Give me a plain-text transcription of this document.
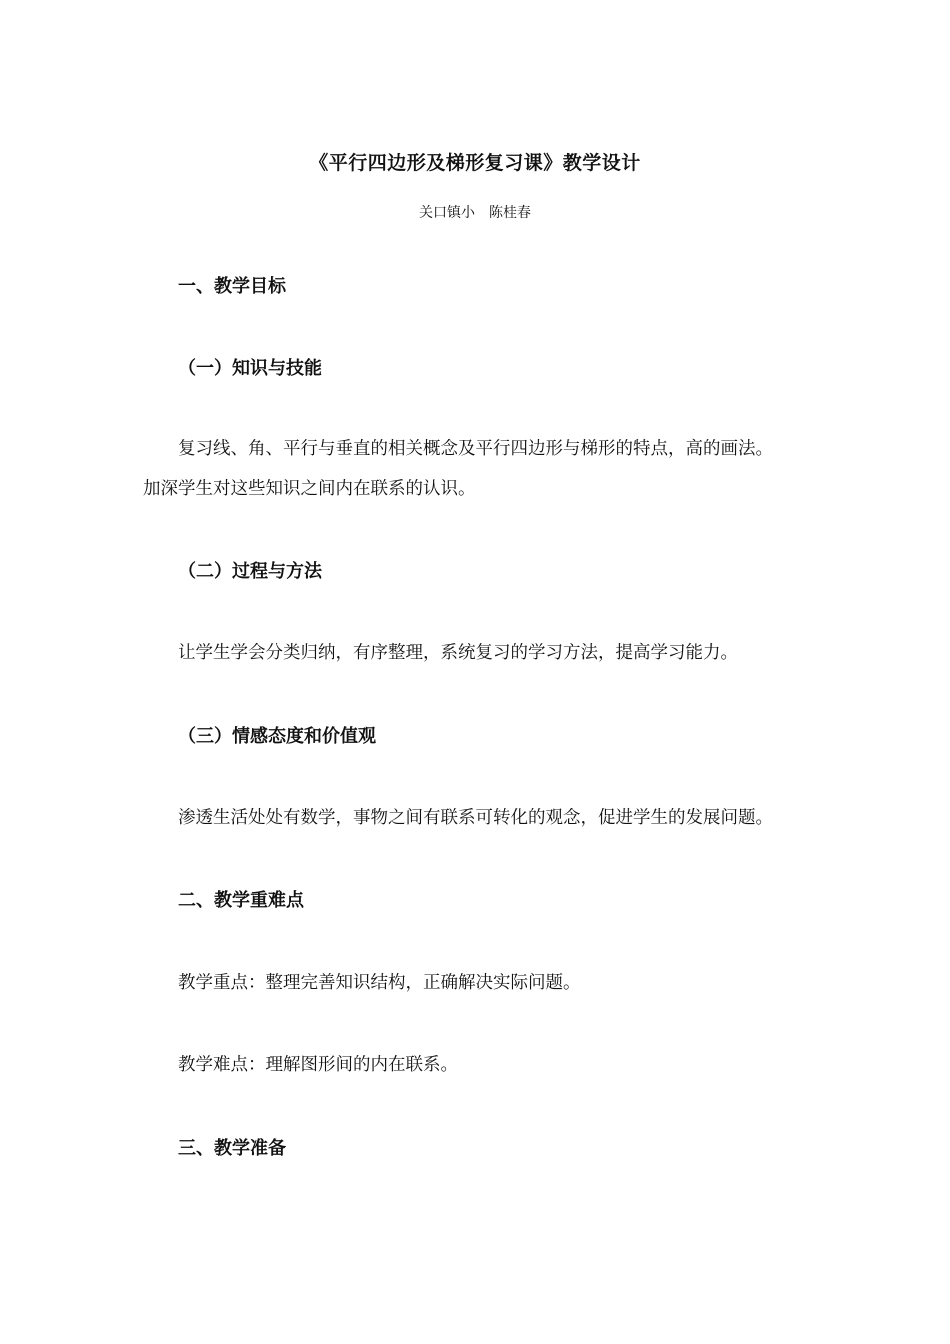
《平行四边形及梯形复习课》教学设计
关口镇小　陈桂春
一、教学目标
（一）知识与技能
复习线、角、平行与垂直的相关概念及平行四边形与梯形的特点，高的画法。
加深学生对这些知识之间内在联系的认识。
（二）过程与方法
让学生学会分类归纳，有序整理，系统复习的学习方法，提高学习能力。
（三）情感态度和价值观
渗透生活处处有数学，事物之间有联系可转化的观念，促进学生的发展问题。
二、教学重难点
教学重点：整理完善知识结构，正确解决实际问题。
教学难点：理解图形间的内在联系。
三、教学准备
